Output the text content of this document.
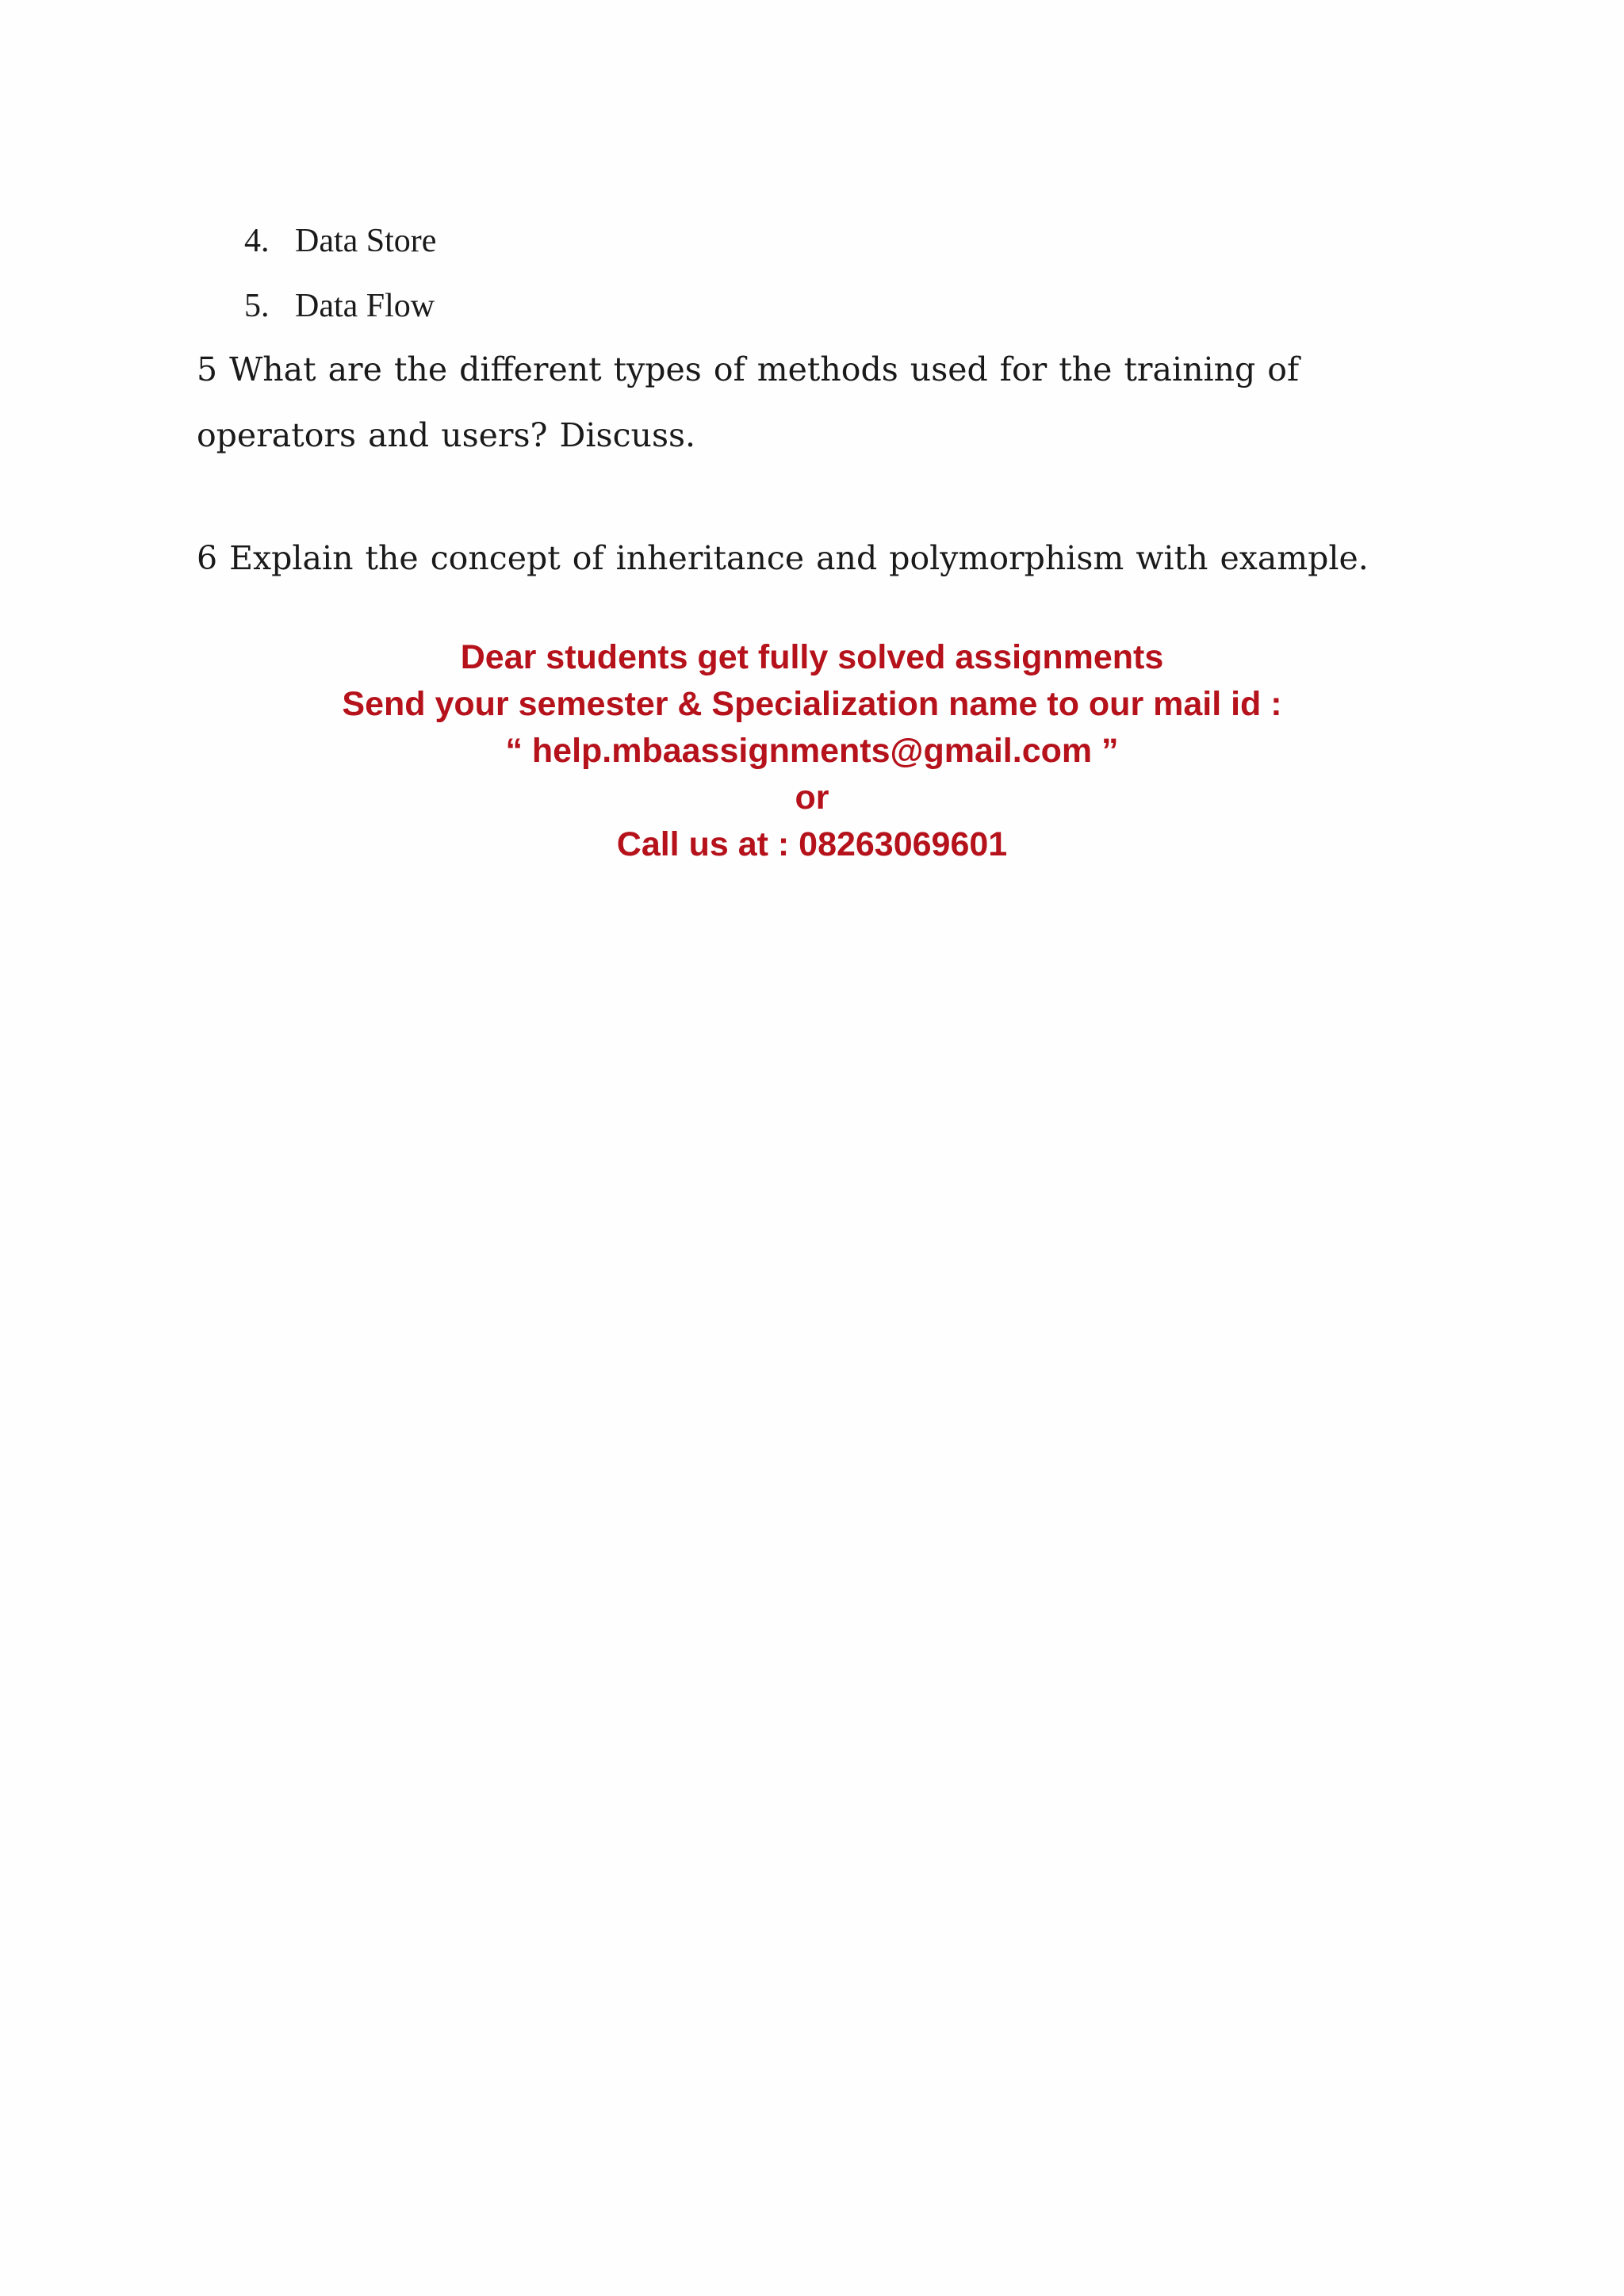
4. Data Store
5. Data Flow
5 What are the different types of methods used for the training of
operators and users? Discuss.
6 Explain the concept of inheritance and polymorphism with example.
Dear students get fully solved assignments
Send your semester & Specialization name to our mail id :
“ help.mbaassignments@gmail.com ”
or
Call us at : 08263069601
